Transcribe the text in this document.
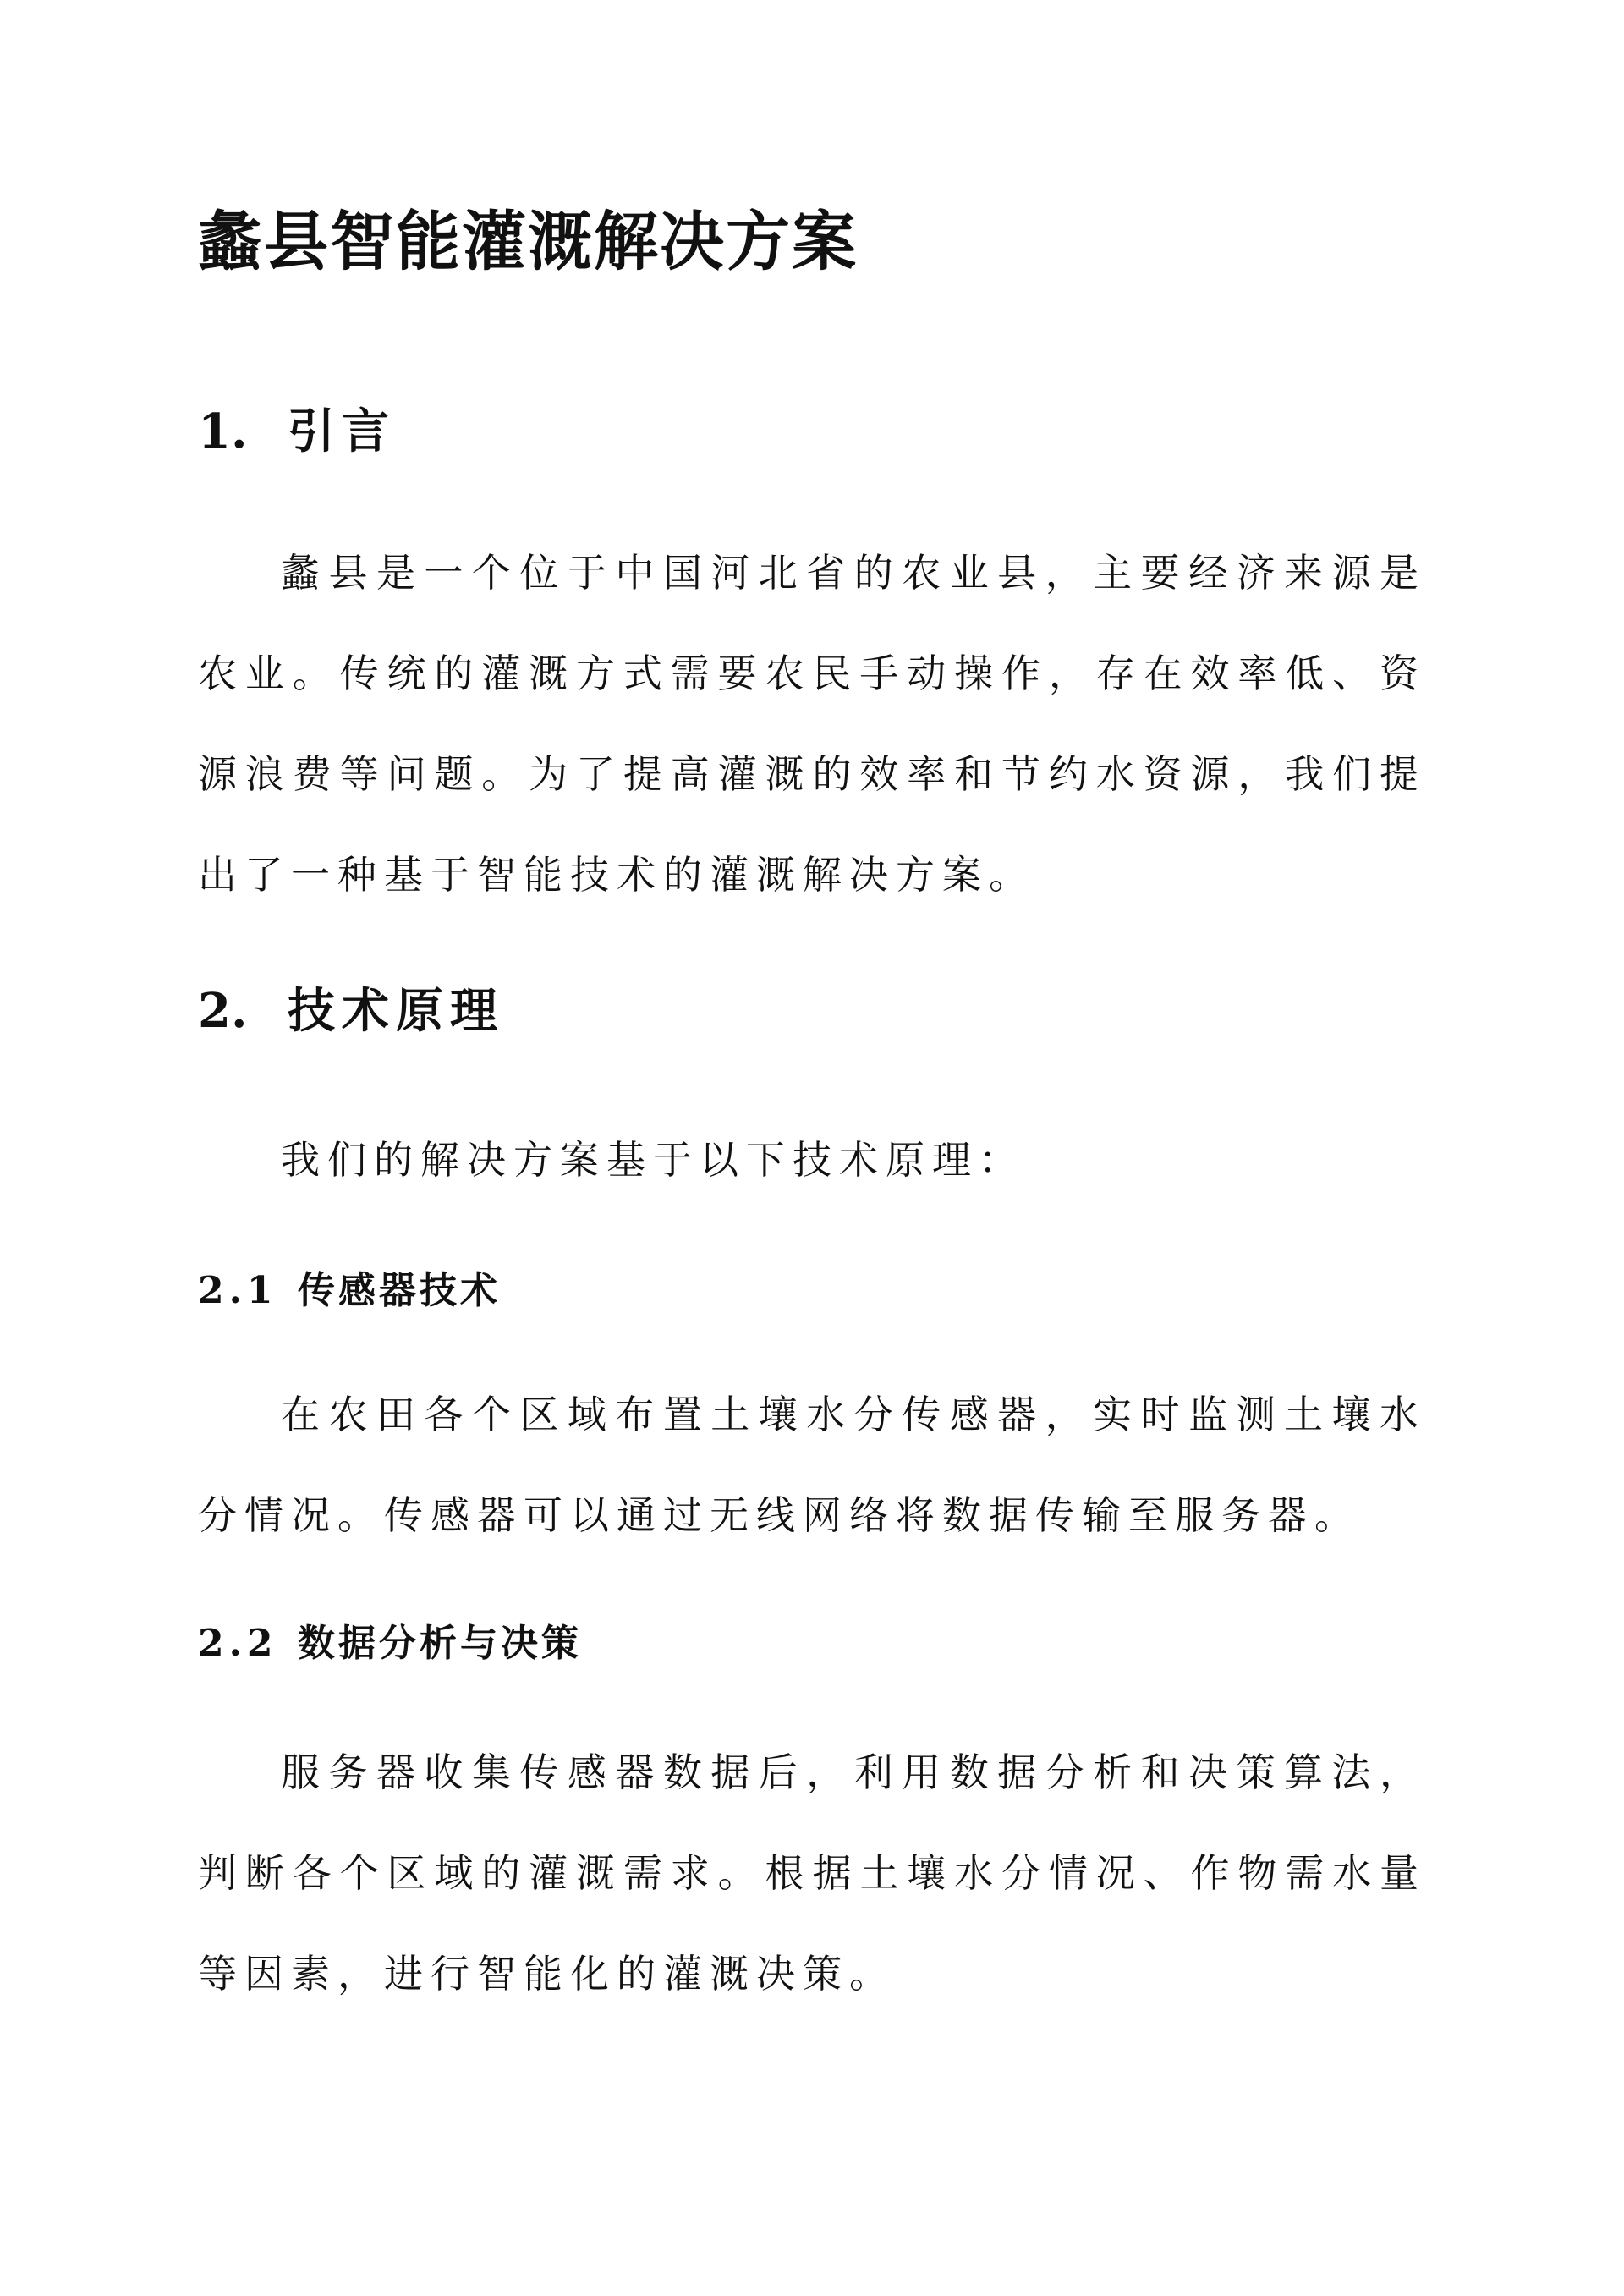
蠡县智能灌溉解决方案
1. 引言

蠡县是一个位于中国河北省的农业县，主要经济来源是农业。传统的灌溉方式需要农民手动操作，存在效率低、资源浪费等问题。为了提高灌溉的效率和节约水资源，我们提出了一种基于智能技术的灌溉解决方案。

2. 技术原理

我们的解决方案基于以下技术原理：

2.1 传感器技术

在农田各个区域布置土壤水分传感器，实时监测土壤水分情况。传感器可以通过无线网络将数据传输至服务器。

2.2 数据分析与决策

服务器收集传感器数据后，利用数据分析和决策算法，判断各个区域的灌溉需求。根据土壤水分情况、作物需水量等因素，进行智能化的灌溉决策。
